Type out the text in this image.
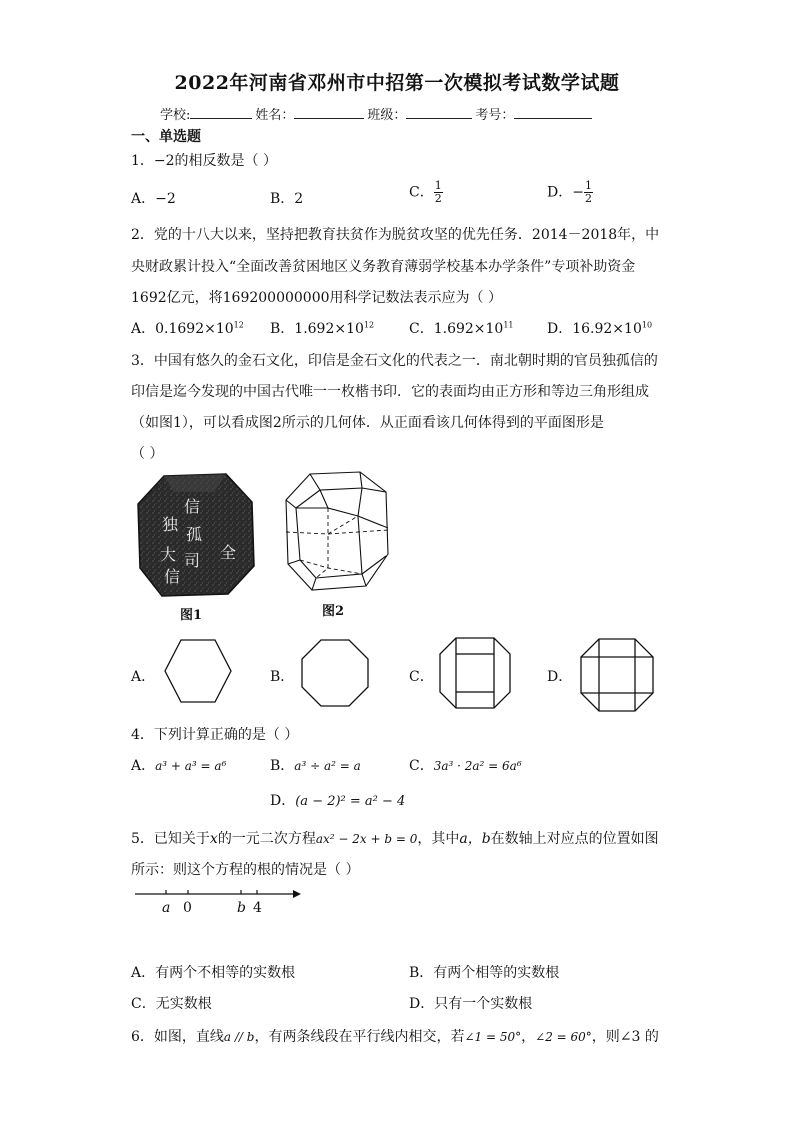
2022年河南省邓州市中招第一次模拟考试数学试题
学校:	姓名：	班级：	考号：
一、单选题
1．−2的相反数是（ ）
A．−2	B．2	C． $\frac{1}{2}$	D．− $\frac{1}{2}$
2．党的十八大以来，坚持把教育扶贫作为脱贫攻坚的优先任务．2014－2018年，中
央财政累计投入“全面改善贫困地区义务教育薄弱学校基本办学条件”专项补助资金
1692亿元，将169200000000用科学记数法表示应为（ ）
A．$0.1692\times 10^{12}$ B．$1.692\times 10^{12}$ C．$1.692\times 10^{11}$ D．$16.92\times 10^{10}$
3．中国有悠久的金石文化，印信是金石文化的代表之一．南北朝时期的官员独孤信的
印信是迄今发现的中国古代唯一一枚楷书印．它的表面均由正方形和等边三角形组成
（如图1），可以看成图2所示的几何体．从正面看该几何体得到的平面图形是
（ ）
信
独
孤
大 司
信
全
图1	图2
A．	B．	C．	D．
4．下列计算正确的是（ ）
A．a³ + a³ = a⁶	B．a³ ÷ a² = a	C．3a³ · 2a² = 6a⁶
D．(a − 2)² = a² − 4
5．已知关于x的一元二次方程ax² − 2x + b = 0，其中a，b在数轴上对应点的位置如图
所示：则这个方程的根的情况是（ ）
a 0	b 4
A．有两个不相等的实数根	B．有两个相等的实数根
C．无实数根	D．只有一个实数根
6．如图，直线a // b，有两条线段在平行线内相交，若∠1 = 50°，∠2 = 60°，则∠3 的
